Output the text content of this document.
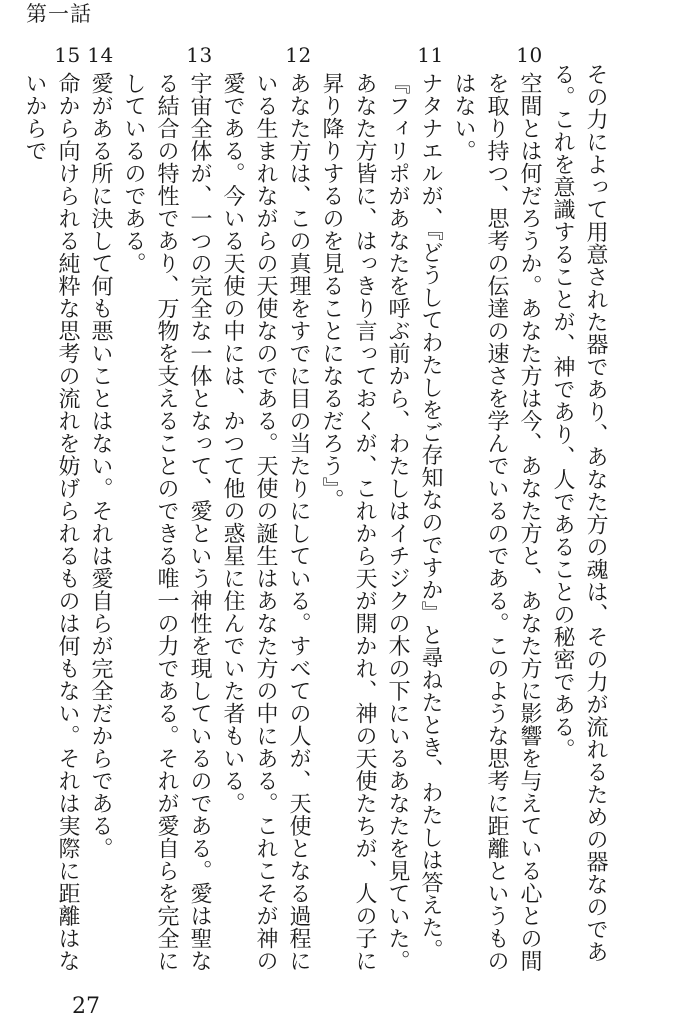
第一話
その力によって用意された器であり、あなた方の魂は、その力が流れるための器なのである。これを意識することが、神であり、人であることの秘密である。
10
空間とは何だろうか。あなた方は今、あなた方と、あなた方に影響を与えている心との間を取り持つ、思考の伝達の速さを学んでいるのである。このような思考に距離というものはない。
11
ナタナエルが、『どうしてわたしをご存知なのですか』と尋ねたとき、わたしは答えた。『フィリポがあなたを呼ぶ前から、わたしはイチジクの木の下にいるあなたを見ていた。あなた方皆に、はっきり言っておくが、これから天が開かれ、神の天使たちが、人の子に昇り降りするのを見ることになるだろう』。
12
あなた方は、この真理をすでに目の当たりにしている。すべての人が、天使となる過程にいる生まれながらの天使なのである。天使の誕生はあなた方の中にある。これこそが神の愛である。今いる天使の中には、かつて他の惑星に住んでいた者もいる。
13
宇宙全体が、一つの完全な一体となって、愛という神性を現しているのである。愛は聖なる結合の特性であり、万物を支えることのできる唯一の力である。それが愛自らを完全にしているのである。
14
愛がある所に決して何も悪いことはない。それは愛自らが完全だからである。
15
命から向けられる純粋な思考の流れを妨げられるものは何もない。それは実際に距離はないからで
27
